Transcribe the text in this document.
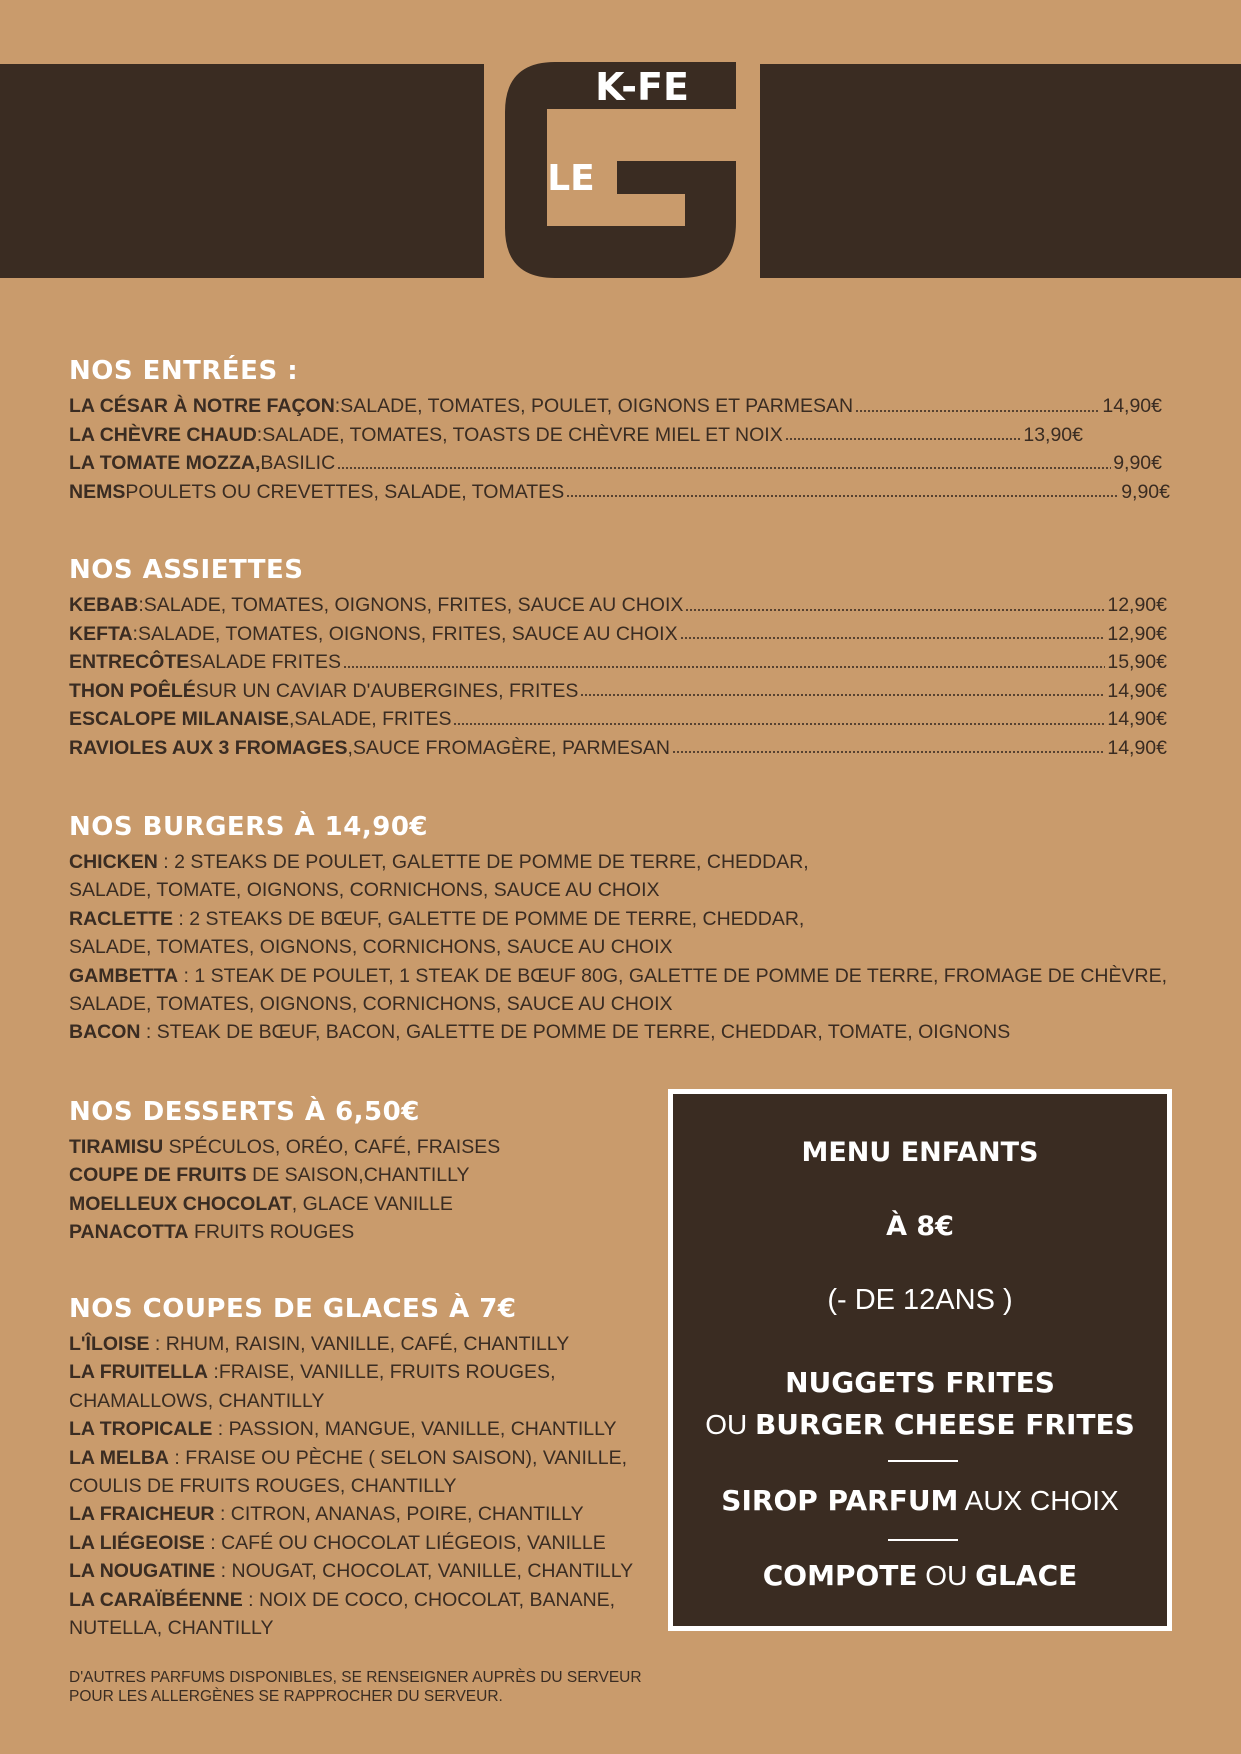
K-FE
LE
NOS ENTRÉES :
LA CÉSAR À NOTRE FAÇON : SALADE, TOMATES, POULET, OIGNONS ET PARMESAN	14,90€
LA CHÈVRE CHAUD : SALADE, TOMATES, TOASTS DE CHÈVRE MIEL ET NOIX	13,90€
LA TOMATE MOZZA, BASILIC	9,90€
NEMS POULETS OU CREVETTES, SALADE, TOMATES	9,90€
NOS ASSIETTES
KEBAB : SALADE, TOMATES, OIGNONS, FRITES, SAUCE AU CHOIX	12,90€
KEFTA : SALADE, TOMATES, OIGNONS, FRITES, SAUCE AU CHOIX	12,90€
ENTRECÔTE SALADE FRITES	15,90€
THON POÊLÉ SUR UN CAVIAR D'AUBERGINES, FRITES	14,90€
ESCALOPE MILANAISE , SALADE, FRITES	14,90€
RAVIOLES AUX 3 FROMAGES , SAUCE FROMAGÈRE, PARMESAN	14,90€
NOS BURGERS À 14,90€
CHICKEN : 2 STEAKS DE POULET, GALETTE DE POMME DE TERRE, CHEDDAR,
SALADE, TOMATE, OIGNONS, CORNICHONS, SAUCE AU CHOIX
RACLETTE : 2 STEAKS DE BŒUF, GALETTE DE POMME DE TERRE, CHEDDAR,
SALADE, TOMATES, OIGNONS, CORNICHONS, SAUCE AU CHOIX
GAMBETTA : 1 STEAK DE POULET, 1 STEAK DE BŒUF 80G, GALETTE DE POMME DE TERRE, FROMAGE DE CHÈVRE,
SALADE, TOMATES, OIGNONS, CORNICHONS, SAUCE AU CHOIX
BACON : STEAK DE BŒUF, BACON, GALETTE DE POMME DE TERRE, CHEDDAR, TOMATE, OIGNONS
NOS DESSERTS À 6,50€
TIRAMISU SPÉCULOS, ORÉO, CAFÉ, FRAISES
COUPE DE FRUITS DE SAISON,CHANTILLY
MOELLEUX CHOCOLAT, GLACE VANILLE
PANACOTTA FRUITS ROUGES
NOS COUPES DE GLACES À 7€
L'ÎLOISE : RHUM, RAISIN, VANILLE, CAFÉ, CHANTILLY
LA FRUITELLA :FRAISE, VANILLE, FRUITS ROUGES,
CHAMALLOWS, CHANTILLY
LA TROPICALE : PASSION, MANGUE, VANILLE, CHANTILLY
LA MELBA : FRAISE OU PÈCHE ( SELON SAISON), VANILLE,
COULIS DE FRUITS ROUGES, CHANTILLY
LA FRAICHEUR : CITRON, ANANAS, POIRE, CHANTILLY
LA LIÉGEOISE : CAFÉ OU CHOCOLAT LIÉGEOIS, VANILLE
LA NOUGATINE : NOUGAT, CHOCOLAT, VANILLE, CHANTILLY
LA CARAÏBÉENNE : NOIX DE COCO, CHOCOLAT, BANANE,
NUTELLA, CHANTILLY
D'AUTRES PARFUMS DISPONIBLES, SE RENSEIGNER AUPRÈS DU SERVEUR
POUR LES ALLERGÈNES SE RAPPROCHER DU SERVEUR.
MENU ENFANTS
À 8€
(- DE 12ANS )
NUGGETS FRITES
OU BURGER CHEESE FRITES
SIROP PARFUM AUX CHOIX
COMPOTE OU GLACE
